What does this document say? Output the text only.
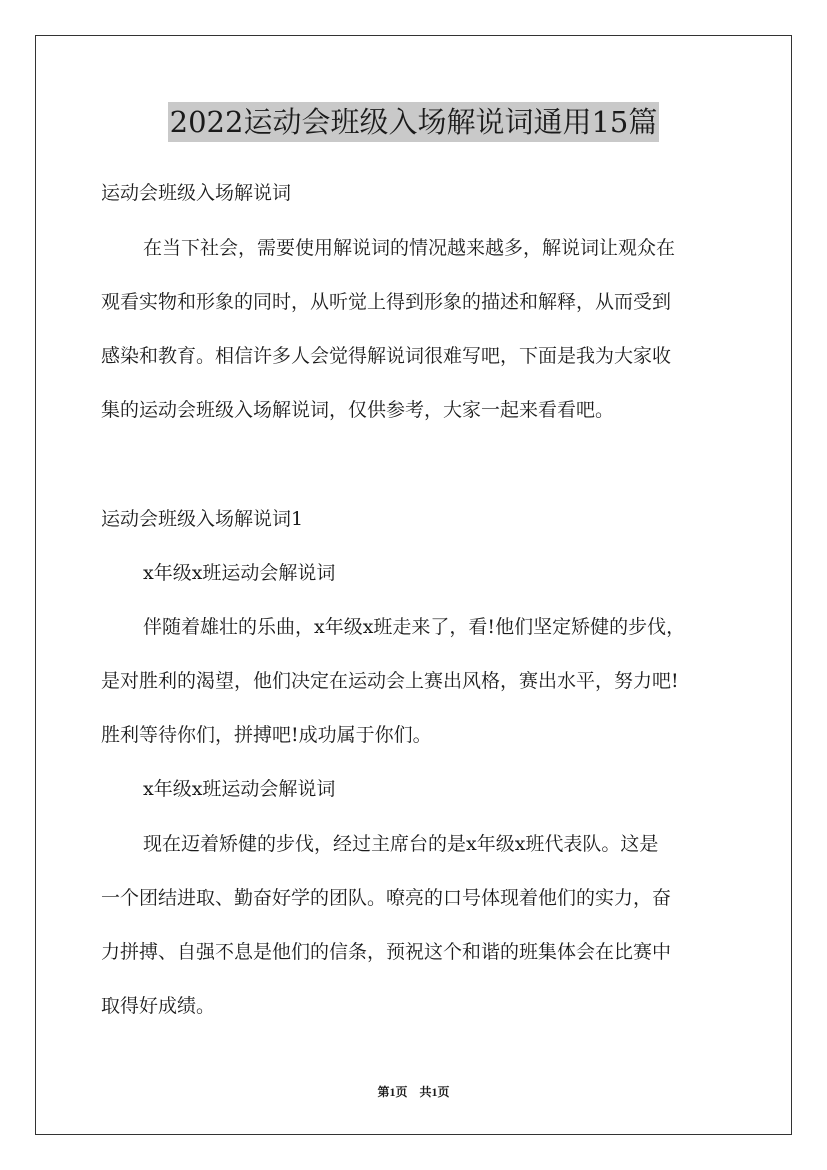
2022运动会班级入场解说词通用15篇
运动会班级入场解说词
在当下社会，需要使用解说词的情况越来越多，解说词让观众在
观看实物和形象的同时，从听觉上得到形象的描述和解释，从而受到
感染和教育。相信许多人会觉得解说词很难写吧，下面是我为大家收
集的运动会班级入场解说词，仅供参考，大家一起来看看吧。
运动会班级入场解说词1
x年级x班运动会解说词
伴随着雄壮的乐曲，x年级x班走来了，看!他们坚定矫健的步伐，
是对胜利的渴望，他们决定在运动会上赛出风格，赛出水平，努力吧!
胜利等待你们，拼搏吧!成功属于你们。
x年级x班运动会解说词
现在迈着矫健的步伐，经过主席台的是x年级x班代表队。这是
一个团结进取、勤奋好学的团队。嘹亮的口号体现着他们的实力，奋
力拼搏、自强不息是他们的信条，预祝这个和谐的班集体会在比赛中
取得好成绩。
第1页 共1页
